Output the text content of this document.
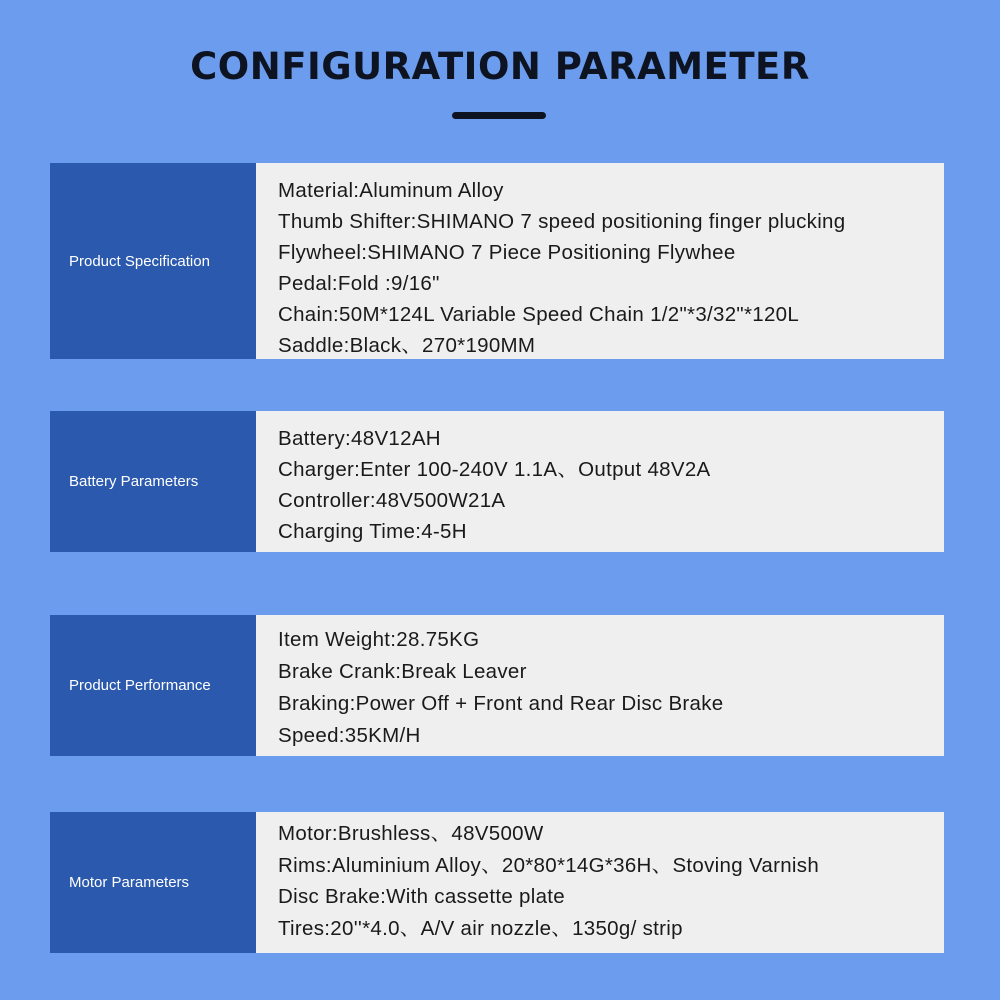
CONFIGURATION PARAMETER
Product Specification
Material:Aluminum Alloy
Thumb Shifter:SHIMANO 7 speed positioning finger plucking
Flywheel:SHIMANO 7 Piece Positioning Flywhee
Pedal:Fold :9/16"
Chain:50M*124L Variable Speed Chain 1/2"*3/32"*120L
Saddle:Black、270*190MM
Battery Parameters
Battery:48V12AH
Charger:Enter 100-240V 1.1A、Output 48V2A
Controller:48V500W21A
Charging Time:4-5H
Product Performance
Item Weight:28.75KG
Brake Crank:Break Leaver
Braking:Power Off + Front and Rear Disc Brake
Speed:35KM/H
Motor Parameters
Motor:Brushless、48V500W
Rims:Aluminium Alloy、20*80*14G*36H、Stoving Varnish
Disc Brake:With cassette plate
Tires:20''*4.0、A/V air nozzle、1350g/ strip
